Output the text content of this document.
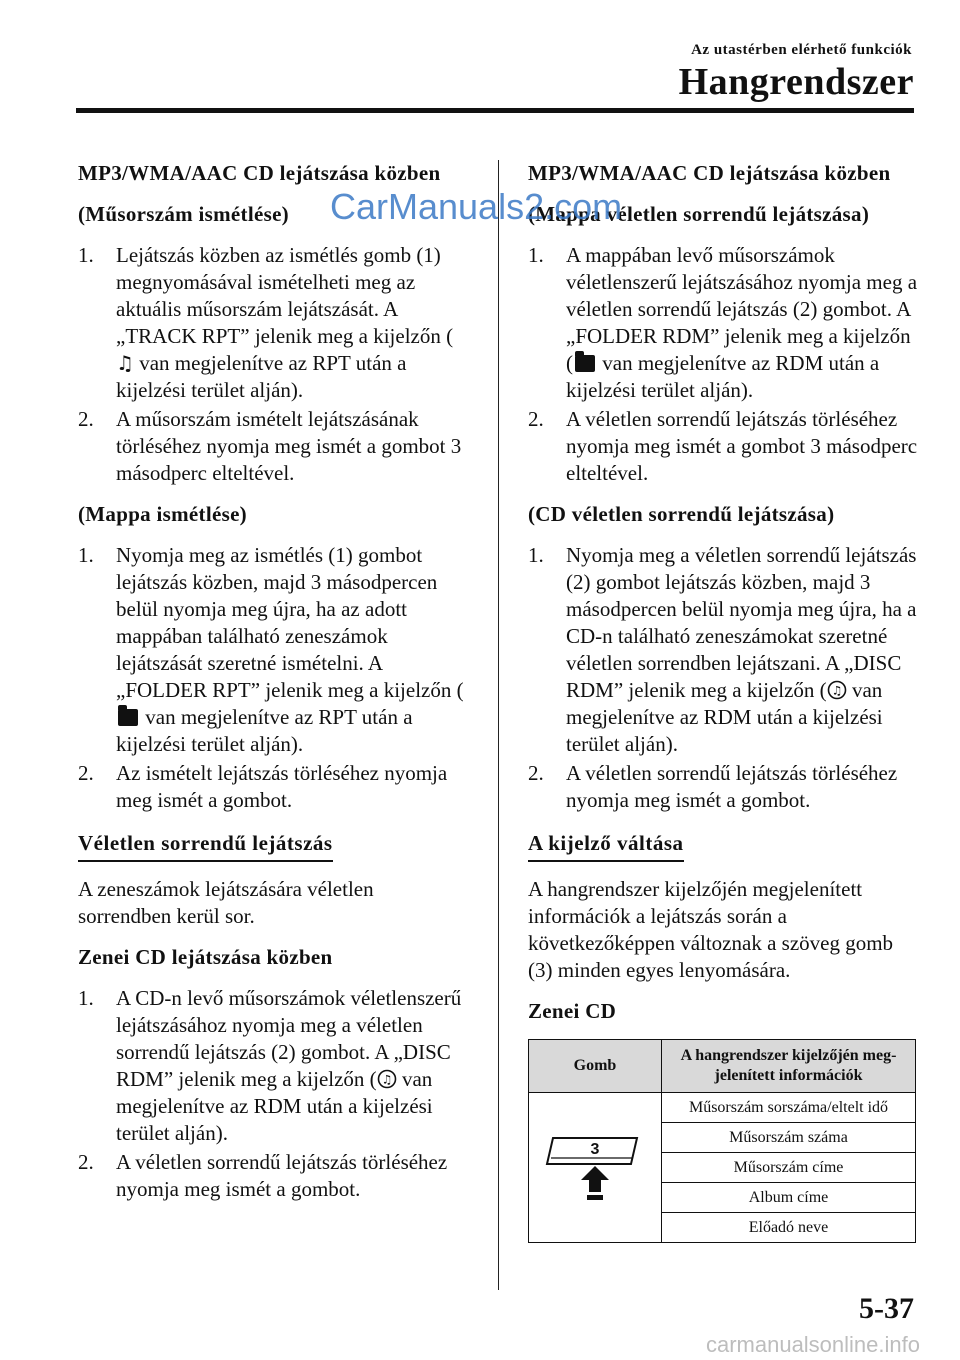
Az utastérben elérhető funkciók
Hangrendszer
MP3/WMA/AAC CD lejátszása közben
(Műsorszám ismétlése)
1. Lejátszás közben az ismétlés gomb (1) megnyomásával ismételheti meg az aktuális műsorszám lejátszását. A „TRACK RPT” jelenik meg a kijelzőn (♫ van megjelenítve az RPT után a kijelzési terület alján).
2. A műsorszám ismételt lejátszásának törléséhez nyomja meg ismét a gombot 3 másodperc elteltével.
(Mappa ismétlése)
1. Nyomja meg az ismétlés (1) gombot lejátszás közben, majd 3 másodpercen belül nyomja meg újra, ha az adott mappában található zeneszámok lejátszását szeretné ismételni. A „FOLDER RPT” jelenik meg a kijelzőn ( van megjelenítve az RPT után a kijelzési terület alján).
2. Az ismételt lejátszás törléséhez nyomja meg ismét a gombot.
Véletlen sorrendű lejátszás
A zeneszámok lejátszására véletlen sorrendben kerül sor.
Zenei CD lejátszása közben
1. A CD-n levő műsorszámok véletlenszerű lejátszásához nyomja meg a véletlen sorrendű lejátszás (2) gombot. A „DISC RDM” jelenik meg a kijelzőn ( ♫ van megjelenítve az RDM után a kijelzési terület alján).
2. A véletlen sorrendű lejátszás törléséhez nyomja meg ismét a gombot.
MP3/WMA/AAC CD lejátszása közben
(Mappa véletlen sorrendű lejátszása)
1. A mappában levő műsorszámok véletlenszerű lejátszásához nyomja meg a véletlen sorrendű lejátszás (2) gombot. A „FOLDER RDM” jelenik meg a kijelzőn ( van megjelenítve az RDM után a kijelzési terület alján).
2. A véletlen sorrendű lejátszás törléséhez nyomja meg ismét a gombot 3 másodperc elteltével.
(CD véletlen sorrendű lejátszása)
1. Nyomja meg a véletlen sorrendű lejátszás (2) gombot lejátszás közben, majd 3 másodpercen belül nyomja meg újra, ha a CD-n található zeneszámokat szeretné véletlen sorrendben lejátszani. A „DISC RDM” jelenik meg a kijelzőn ( ♫ van megjelenítve az RDM után a kijelzési terület alján).
2. A véletlen sorrendű lejátszás törléséhez nyomja meg ismét a gombot.
A kijelző váltása
A hangrendszer kijelzőjén megjelenített információk a lejátszás során a következőképpen változnak a szöveg gomb (3) minden egyes lenyomására.
Zenei CD
Gomb	A hangrendszer kijelzőjén meg-jelenített információk

3	Műsorszám sorszáma/eltelt idő
	Műsorszám száma
	Műsorszám címe
	Album címe
	Előadó neve
CarManuals2.com
5-37
carmanualsonline.info
